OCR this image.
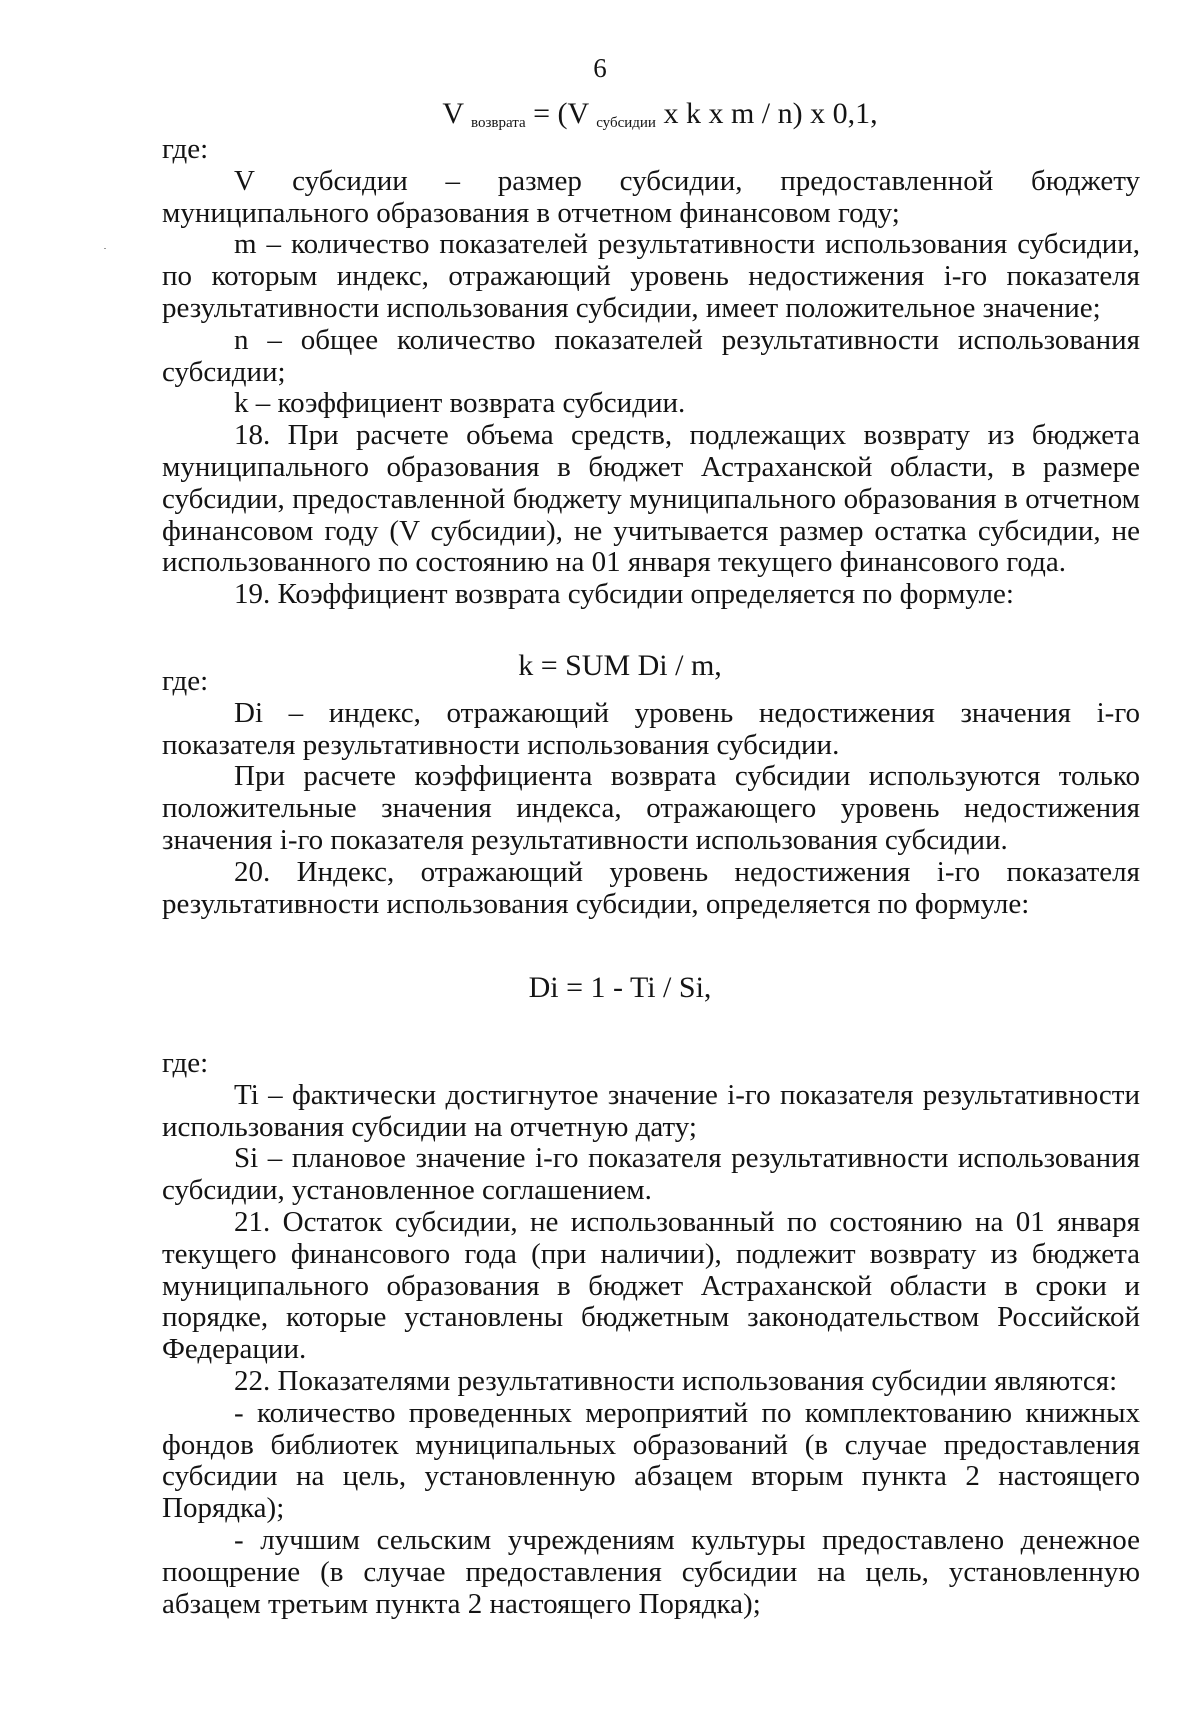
6
V $_{возврата}$ = (V $_{субсидии}$ x k x m / n) x 0,1,

где:

V субсидии – размер субсидии, предоставленной бюджету муниципального образования в отчетном финансовом году;

m – количество показателей результативности использования субсидии, по которым индекс, отражающий уровень недостижения i-го показателя результативности использования субсидии, имеет положительное значение;

n – общее количество показателей результативности использования субсидии;

k – коэффициент возврата субсидии.

18. При расчете объема средств, подлежащих возврату из бюджета муниципального образования в бюджет Астраханской области, в размере субсидии, предоставленной бюджету муниципального образования в отчетном финансовом году (V субсидии), не учитывается размер остатка субсидии, не использованного по состоянию на 01 января текущего финансового года.

19. Коэффициент возврата субсидии определяется по формуле:

k = SUM Di / m,

где:

Di – индекс, отражающий уровень недостижения значения i-го показателя результативности использования субсидии.

При расчете коэффициента возврата субсидии используются только положительные значения индекса, отражающего уровень недостижения значения i-го показателя результативности использования субсидии.

20. Индекс, отражающий уровень недостижения i-го показателя результативности использования субсидии, определяется по формуле:

Di = 1 - Ti / Si,

где:

Ti – фактически достигнутое значение i-го показателя результативности использования субсидии на отчетную дату;

Si – плановое значение i-го показателя результативности использования субсидии, установленное соглашением.

21. Остаток субсидии, не использованный по состоянию на 01 января текущего финансового года (при наличии), подлежит возврату из бюджета муниципального образования в бюджет Астраханской области в сроки и порядке, которые установлены бюджетным законодательством Российской Федерации.

22. Показателями результативности использования субсидии являются:

- количество проведенных мероприятий по комплектованию книжных фондов библиотек муниципальных образований (в случае предоставления субсидии на цель, установленную абзацем вторым пункта 2 настоящего Порядка);

- лучшим сельским учреждениям культуры предоставлено денежное поощрение (в случае предоставления субсидии на цель, установленную абзацем третьим пункта 2 настоящего Порядка);
